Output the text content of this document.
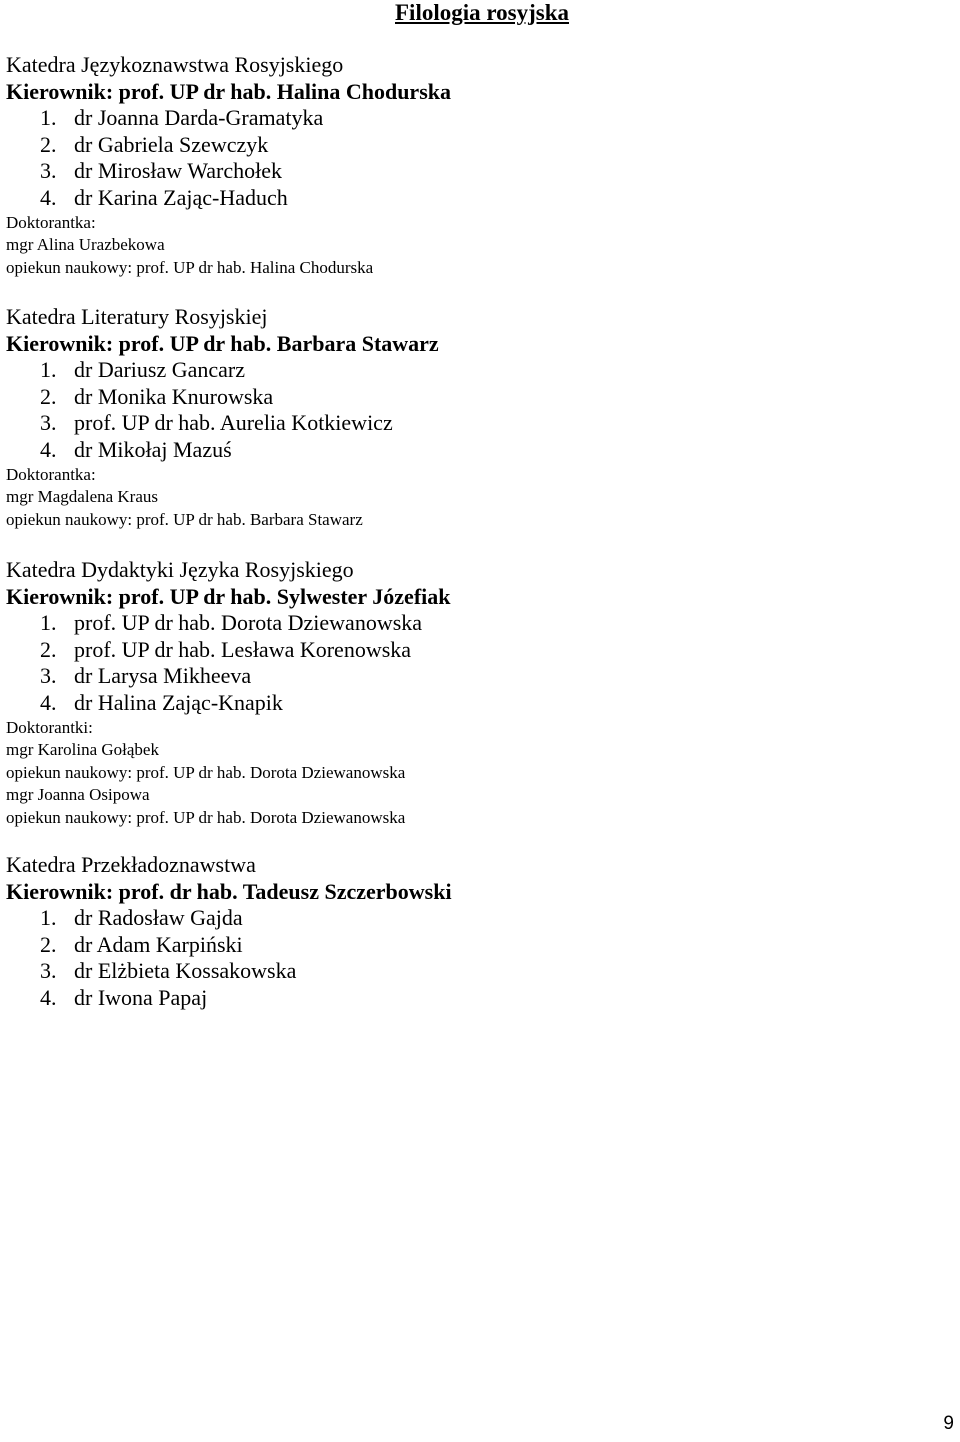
Filologia rosyjska
Katedra Językoznawstwa Rosyjskiego
Kierownik: prof. UP dr hab. Halina Chodurska
1. dr Joanna Darda-Gramatyka
2. dr Gabriela Szewczyk
3. dr Mirosław Warchołek
4. dr Karina Zając-Haduch
Doktorantka:
mgr Alina Urazbekowa
opiekun naukowy: prof. UP dr hab. Halina Chodurska
Katedra Literatury Rosyjskiej
Kierownik: prof. UP dr hab. Barbara Stawarz
1. dr Dariusz Gancarz
2. dr Monika Knurowska
3. prof. UP dr hab. Aurelia Kotkiewicz
4. dr Mikołaj Mazuś
Doktorantka:
mgr Magdalena Kraus
opiekun naukowy: prof. UP dr hab. Barbara Stawarz
Katedra Dydaktyki Języka Rosyjskiego
Kierownik: prof. UP dr hab. Sylwester Józefiak
1. prof. UP dr hab. Dorota Dziewanowska
2. prof. UP dr hab. Lesława Korenowska
3. dr Larysa Mikheeva
4. dr Halina Zając-Knapik
Doktorantki:
mgr Karolina Gołąbek
opiekun naukowy: prof. UP dr hab. Dorota Dziewanowska
mgr Joanna Osipowa
opiekun naukowy: prof. UP dr hab. Dorota Dziewanowska
Katedra Przekładoznawstwa
Kierownik: prof. dr hab. Tadeusz Szczerbowski
1. dr Radosław Gajda
2. dr Adam Karpiński
3. dr Elżbieta Kossakowska
4. dr Iwona Papaj
9
